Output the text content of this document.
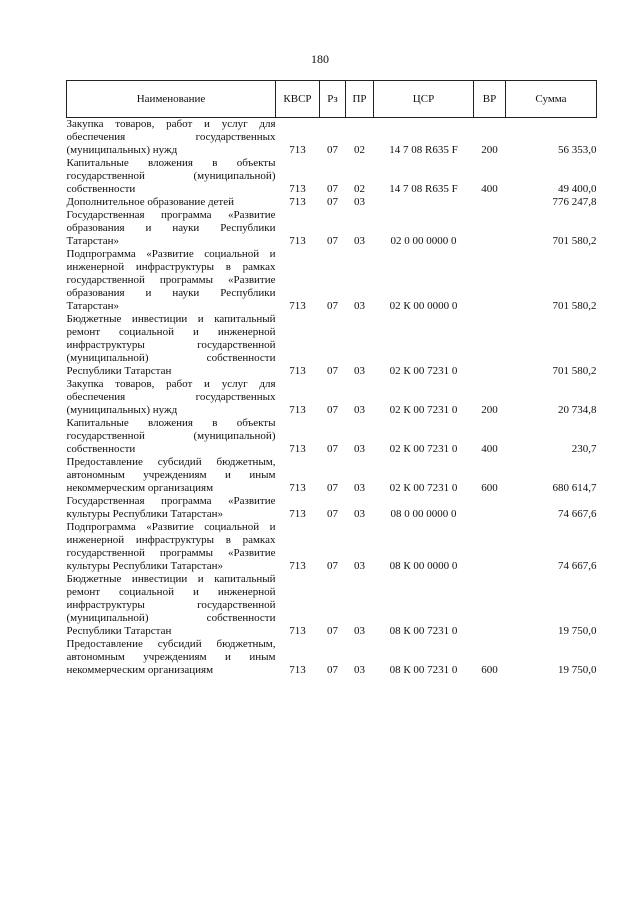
180
Наименование	КВСР	Рз	ПР	ЦСР	ВР	Сумма
Закупка товаров, работ и услуг для обеспечения государственных (муниципальных) нужд	713	07	02	14 7 08 R635 F	200	56 353,0
Капитальные вложения в объекты государственной (муниципальной) собственности	713	07	02	14 7 08 R635 F	400	49 400,0
Дополнительное образование детей	713	07	03			776 247,8
Государственная программа «Развитие образования и науки Республики Татарстан»	713	07	03	02 0 00 0000 0		701 580,2
Подпрограмма «Развитие социальной и инженерной инфраструктуры в рамках государственной программы «Развитие образования и науки Республики Татарстан»	713	07	03	02 К 00 0000 0		701 580,2
Бюджетные инвестиции и капитальный ремонт социальной и инженерной инфраструктуры государственной (муниципальной) собственности Республики Татарстан	713	07	03	02 К 00 7231 0		701 580,2
Закупка товаров, работ и услуг для обеспечения государственных (муниципальных) нужд	713	07	03	02 К 00 7231 0	200	20 734,8
Капитальные вложения в объекты государственной (муниципальной) собственности	713	07	03	02 К 00 7231 0	400	230,7
Предоставление субсидий бюджетным, автономным учреждениям и иным некоммерческим организациям	713	07	03	02 К 00 7231 0	600	680 614,7
Государственная программа «Развитие культуры Республики Татарстан»	713	07	03	08 0 00 0000 0		74 667,6
Подпрограмма «Развитие социальной и инженерной инфраструктуры в рамках государственной программы «Развитие культуры Республики Татарстан»	713	07	03	08 К 00 0000 0		74 667,6
Бюджетные инвестиции и капитальный ремонт социальной и инженерной инфраструктуры государственной (муниципальной) собственности Республики Татарстан	713	07	03	08 К 00 7231 0		19 750,0
Предоставление субсидий бюджетным, автономным учреждениям и иным некоммерческим организациям	713	07	03	08 К 00 7231 0	600	19 750,0
